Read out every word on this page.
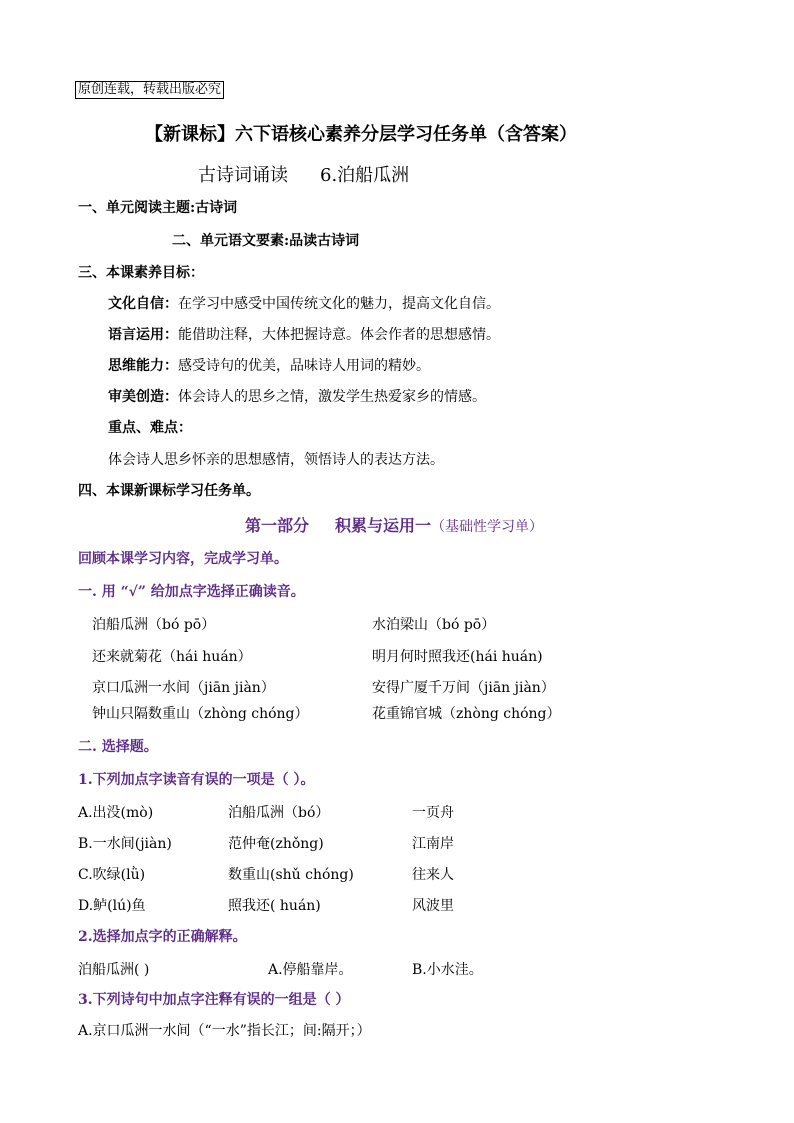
原创连载，转载出版必究
【新课标】六下语核心素养分层学习任务单（含答案）
古诗词诵读 6.泊船瓜洲
一、单元阅读主题:古诗词
二、单元语文要素:品读古诗词
三、本课素养目标：
文化自信：在学习中感受中国传统文化的魅力，提高文化自信。
语言运用：能借助注释，大体把握诗意。体会作者的思想感情。
思维能力：感受诗句的优美，品味诗人用词的精妙。
审美创造：体会诗人的思乡之情，激发学生热爱家乡的情感。
重点、难点：
体会诗人思乡怀亲的思想感情，领悟诗人的表达方法。
四、本课新课标学习任务单。
第一部分 积累与运用一（基础性学习单）
回顾本课学习内容，完成学习单。
一. 用 “√” 给加点字选择正确读音。
泊船瓜洲（bó pō）	水泊梁山（bó pō）
还来就菊花（hái huán）	明月何时照我还(hái huán)
京口瓜洲一水间（jiān jiàn）	安得广厦千万间（jiān jiàn）
钟山只隔数重山（zhòng chóng）	花重锦官城（zhòng chóng）
二. 选择题。
1.下列加点字读音有误的一项是（ ）。
A.出没(mò)	泊船瓜洲（bó）	一页舟
B.一水间(jiàn)	范仲奄(zhǒng)	江南岸
C.吹绿(lǜ)	数重山(shǔ chóng)	往来人
D.鲈(lú)鱼	照我还( huán)	风波里
2.选择加点字的正确解释。
泊船瓜洲( )	A.停船靠岸。	B.小水洼。
3.下列诗句中加点字注释有误的一组是（ ）
A.京口瓜洲一水间（“一水”指长江；间:隔开；）
